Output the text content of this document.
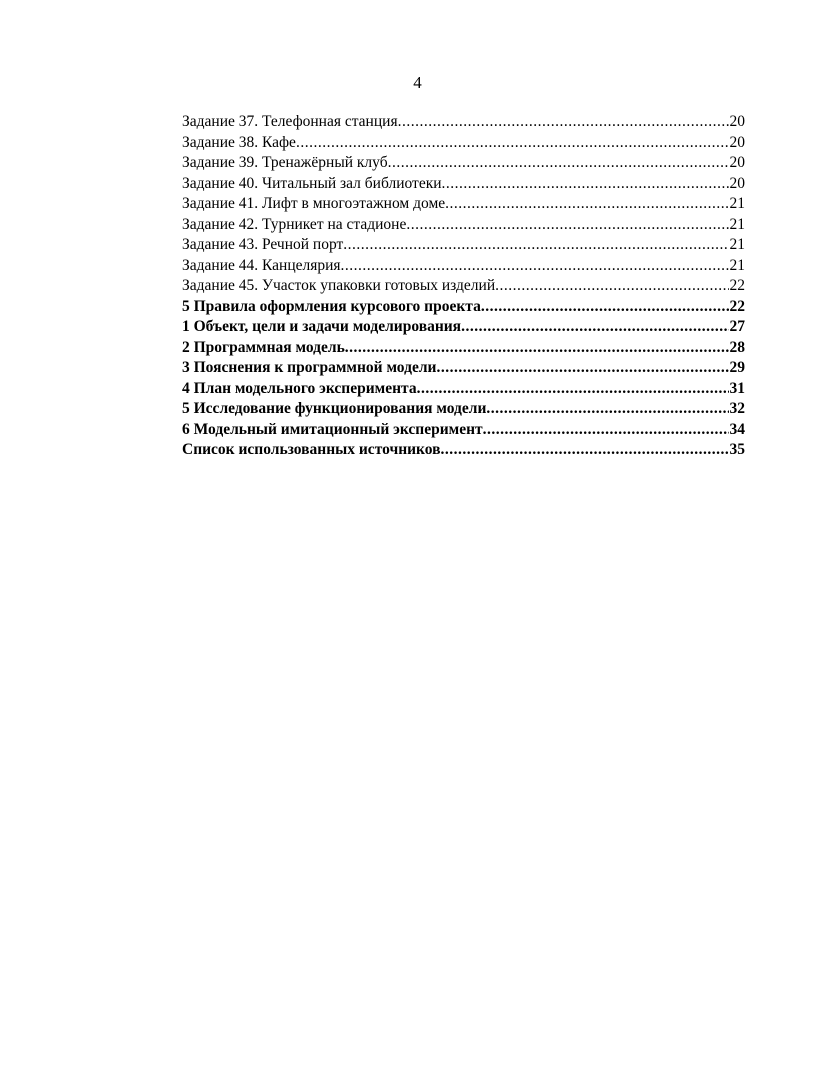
4
Задание 37. Телефонная станция .....	20
Задание 38. Кафе .....	20
Задание 39. Тренажёрный клуб .....	20
Задание 40. Читальный зал библиотеки .....	20
Задание 41. Лифт в многоэтажном доме .....	21
Задание 42. Турникет на стадионе .....	21
Задание 43. Речной порт .....	21
Задание 44. Канцелярия .....	21
Задание 45. Участок упаковки готовых изделий .....	22
5 Правила оформления курсового проекта .....	22
1 Объект, цели и задачи моделирования .....	27
2 Программная модель .....	28
3 Пояснения к программной модели .....	29
4 План модельного эксперимента .....	31
5 Исследование функционирования модели .....	32
6 Модельный имитационный эксперимент .....	34
Список использованных источников .....	35
